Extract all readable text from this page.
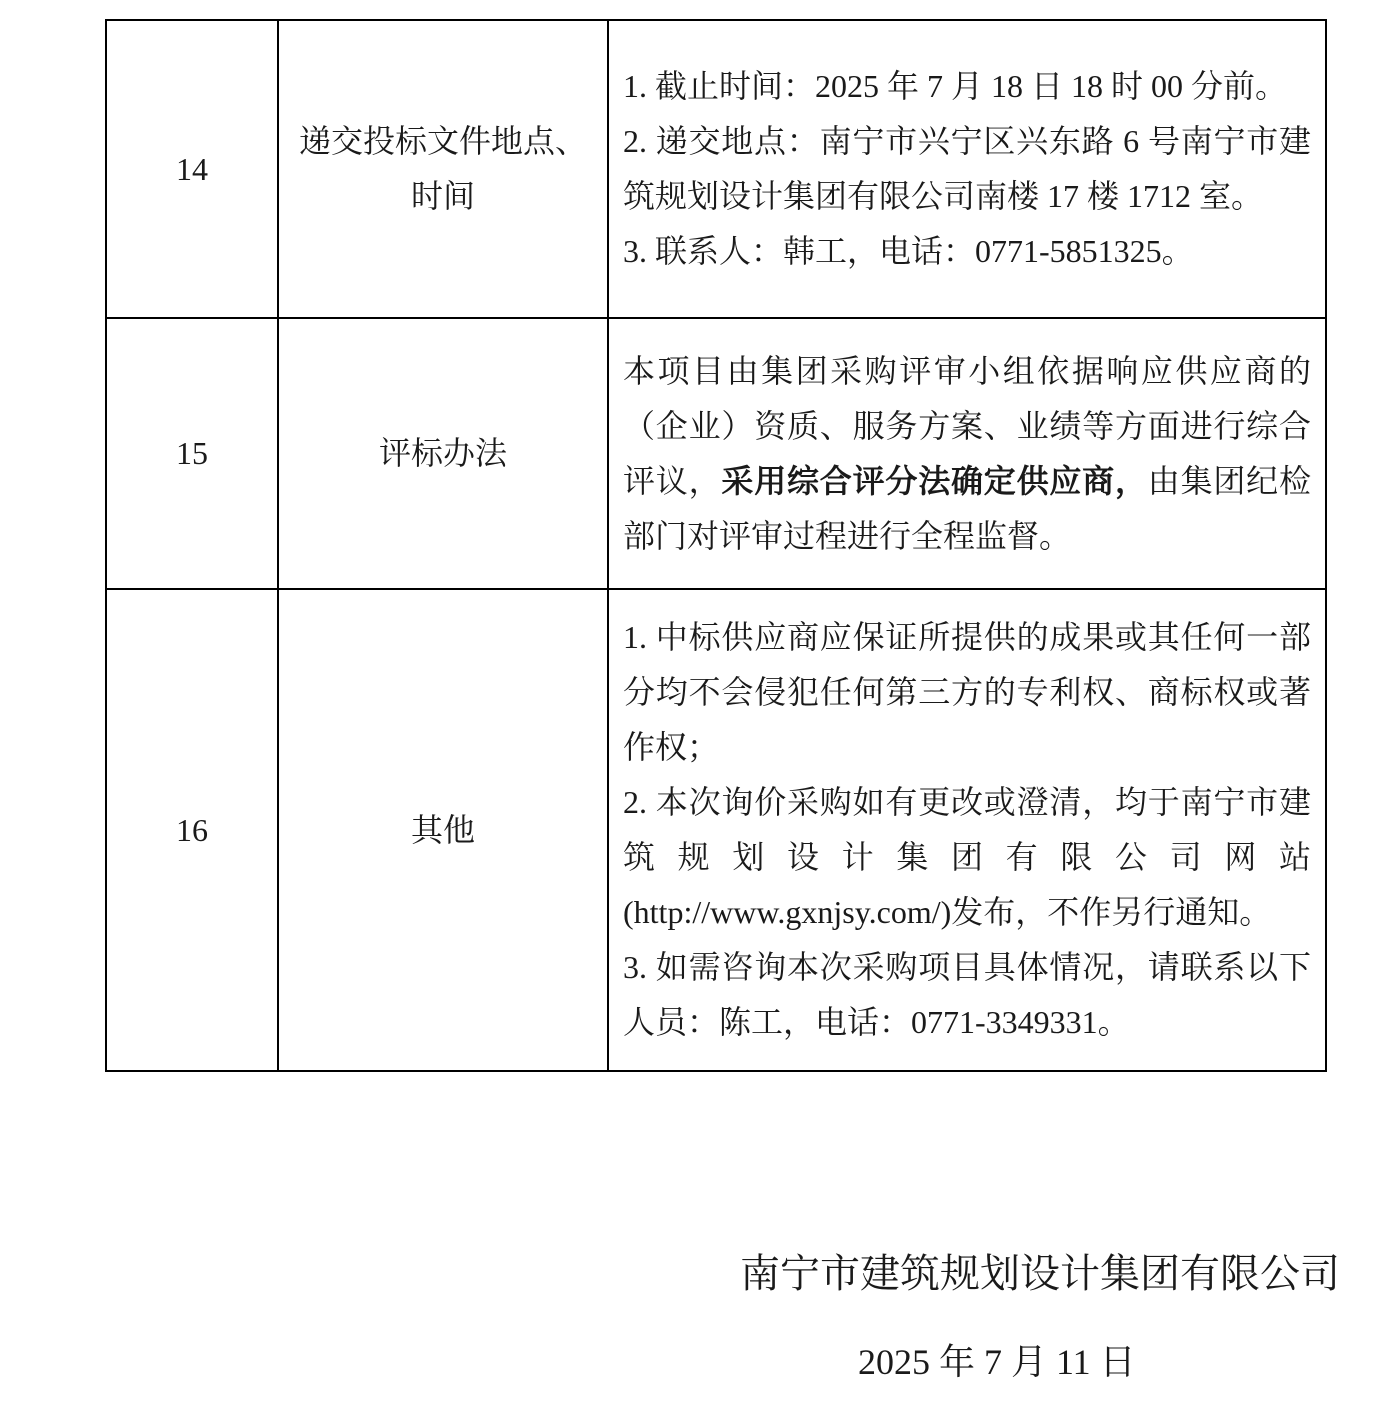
14	递交投标文件地点、时间	1. 截止时间：2025 年 7 月 18 日 18 时 00 分前。

2. 递交地点：南宁市兴宁区兴东路 6 号南宁市建筑规划设计集团有限公司南楼 17 楼 1712 室。

3. 联系人：韩工，电话：0771-5851325。

15	评标办法	本项目由集团采购评审小组依据响应供应商的（企业）资质、服务方案、业绩等方面进行综合评议，采用综合评分法确定供应商，由集团纪检部门对评审过程进行全程监督。

16	其他	1. 中标供应商应保证所提供的成果或其任何一部分均不会侵犯任何第三方的专利权、商标权或著作权；

2. 本次询价采购如有更改或澄清，均于南宁市建筑规划设计集团有限公司网站(http://www.gxnjsy.com/)发布，不作另行通知。

3. 如需咨询本次采购项目具体情况，请联系以下人员：陈工，电话：0771-3349331。

南宁市建筑规划设计集团有限公司
2025 年 7 月 11 日
